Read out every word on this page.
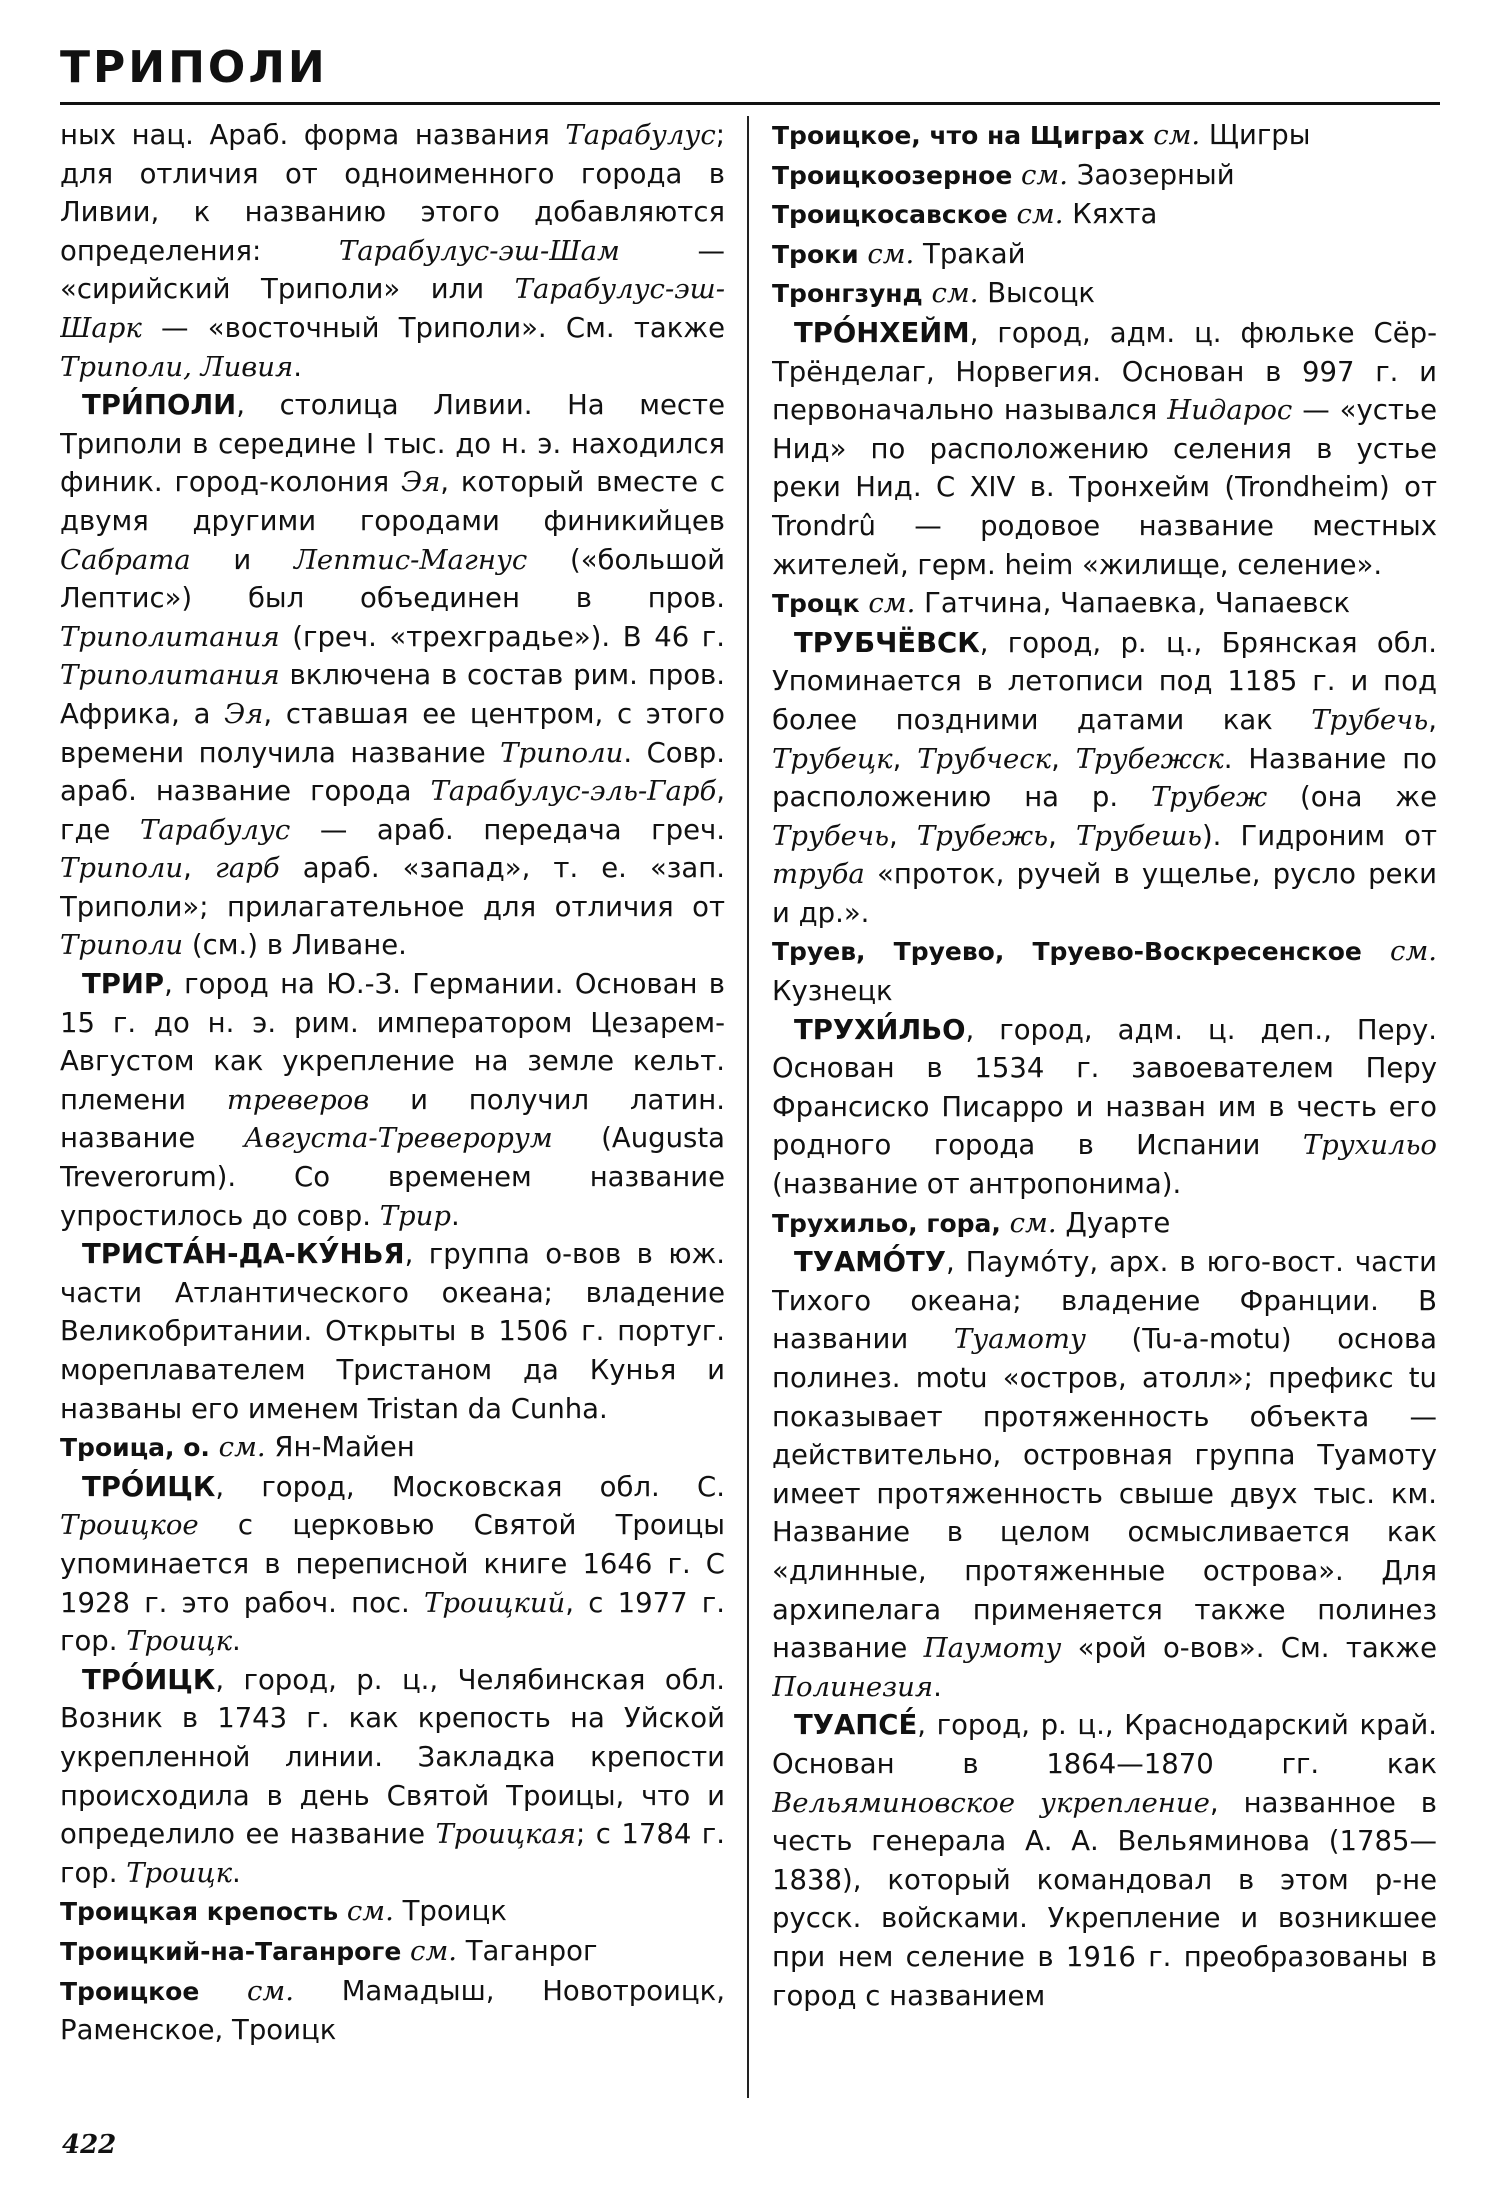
ТРИПОЛИ
ных нац. Араб. форма названия Тарабулус; для отличия от одноименного города в Ливии, к названию этого добавляются определения: Тарабулус-эш-Шам — «сирийский Триполи» или Тарабулус-эш-Шарк — «восточный Триполи». См. также Триполи, Ливия.
ТРИ́ПОЛИ, столица Ливии. На месте Триполи в середине I тыс. до н. э. находился финик. город-колония Эя, который вместе с двумя другими городами финикийцев Сабрата и Лептис-Магнус («большой Лептис») был объединен в пров. Триполитания (греч. «трехградье»). В 46 г. Триполитания включена в состав рим. пров. Африка, а Эя, ставшая ее центром, с этого времени получила название Триполи. Совр. араб. название города Тарабулус-эль-Гарб, где Тарабулус — араб. передача греч. Триполи, гарб араб. «запад», т. е. «зап. Триполи»; прилагательное для отличия от Триполи (см.) в Ливане.
ТРИР, город на Ю.-З. Германии. Основан в 15 г. до н. э. рим. императором Цезарем-Августом как укрепление на земле кельт. племени треверов и получил латин. название Августа-Треверорум (Augusta Treverorum). Со временем название упростилось до совр. Трир.
ТРИСТА́Н-ДА-КУ́НЬЯ, группа о-вов в юж. части Атлантического океана; владение Великобритании. Открыты в 1506 г. португ. мореплавателем Тристаном да Кунья и названы его именем Tristan da Cunha.
Троица, о. см. Ян-Майен
ТРО́ИЦК, город, Московская обл. С. Троицкое с церковью Святой Троицы упоминается в переписной книге 1646 г. С 1928 г. это рабоч. пос. Троицкий, с 1977 г. гор. Троицк.
ТРО́ИЦК, город, р. ц., Челябинская обл. Возник в 1743 г. как крепость на Уйской укрепленной линии. Закладка крепости происходила в день Святой Троицы, что и определило ее название Троицкая; с 1784 г. гор. Троицк.
Троицкая крепость см. Троицк
Троицкий-на-Таганроге см. Таганрог
Троицкое см. Мамадыш, Новотроицк, Раменское, Троицк
Троицкое, что на Щиграх см. Щигры
Троицкоозерное см. Заозерный
Троицкосавское см. Кяхта
Троки см. Тракай
Тронгзунд см. Высоцк
ТРО́НХЕЙМ, город, адм. ц. фюльке Сёр-Трёнделаг, Норвегия. Основан в 997 г. и первоначально назывался Нидарос — «устье Нид» по расположению селения в устье реки Нид. С XIV в. Тронхейм (Trondheim) от Trondrû — родовое название местных жителей, герм. heim «жилище, селение».
Троцк см. Гатчина, Чапаевка, Чапаевск
ТРУБЧЁВСК, город, р. ц., Брянская обл. Упоминается в летописи под 1185 г. и под более поздними датами как Трубечь, Трубецк, Трубческ, Трубежск. Название по расположению на р. Трубеж (она же Трубечь, Трубежь, Трубешь). Гидроним от труба «проток, ручей в ущелье, русло реки и др.».
Труев, Труево, Труево-Воскресенское см. Кузнецк
ТРУХИ́ЛЬО, город, адм. ц. деп., Перу. Основан в 1534 г. завоевателем Перу Франсиско Писарро и назван им в честь его родного города в Испании Трухильо (название от антропонима).
Трухильо, гора, см. Дуарте
ТУАМО́ТУ, Паумо́ту, арх. в юго-вост. части Тихого океана; владение Франции. В названии Туамоту (Tu-a-motu) основа полинез. motu «остров, атолл»; префикс tu показывает протяженность объекта — действительно, островная группа Туамоту имеет протяженность свыше двух тыс. км. Название в целом осмысливается как «длинные, протяженные острова». Для архипелага применяется также полинез название Паумоту «рой о-вов». См. также Полинезия.
ТУАПСЕ́, город, р. ц., Краснодарский край. Основан в 1864—1870 гг. как Вельяминовское укрепление, названное в честь генерала А. А. Вельяминова (1785—1838), который командовал в этом р-не русск. войсками. Укрепление и возникшее при нем селение в 1916 г. преобразованы в город с названием
422
